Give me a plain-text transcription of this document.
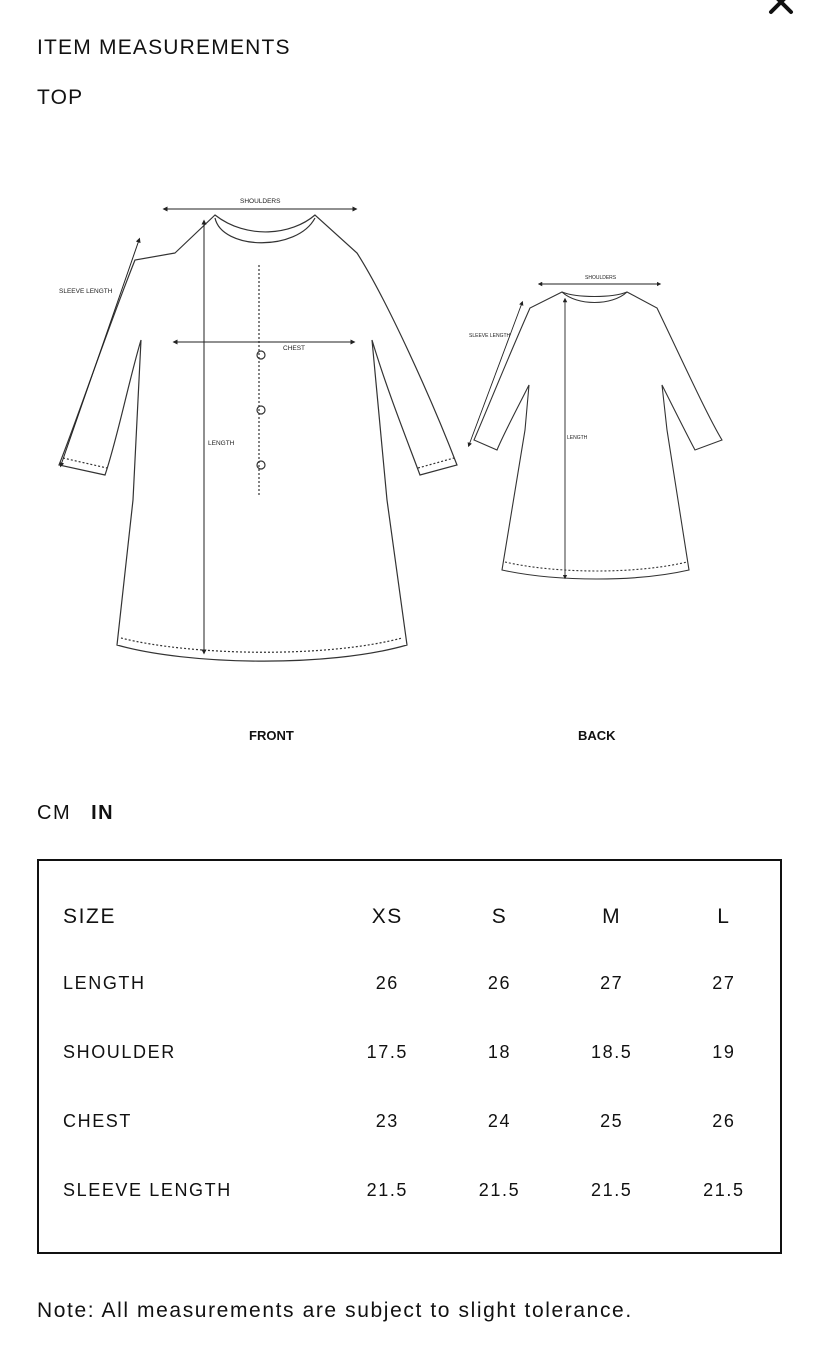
ITEM MEASUREMENTS
TOP
SHOULDERS
SLEEVE LENGTH
CHEST
LENGTH
FRONT
SHOULDERS
SLEEVE LENGTH
LENGTH
BACK
CM IN
SIZE	XS	S	M	L
LENGTH	26	26	27	27
SHOULDER	17.5	18	18.5	19
CHEST	23	24	25	26
SLEEVE LENGTH	21.5	21.5	21.5	21.5
Note: All measurements are subject to slight tolerance.
